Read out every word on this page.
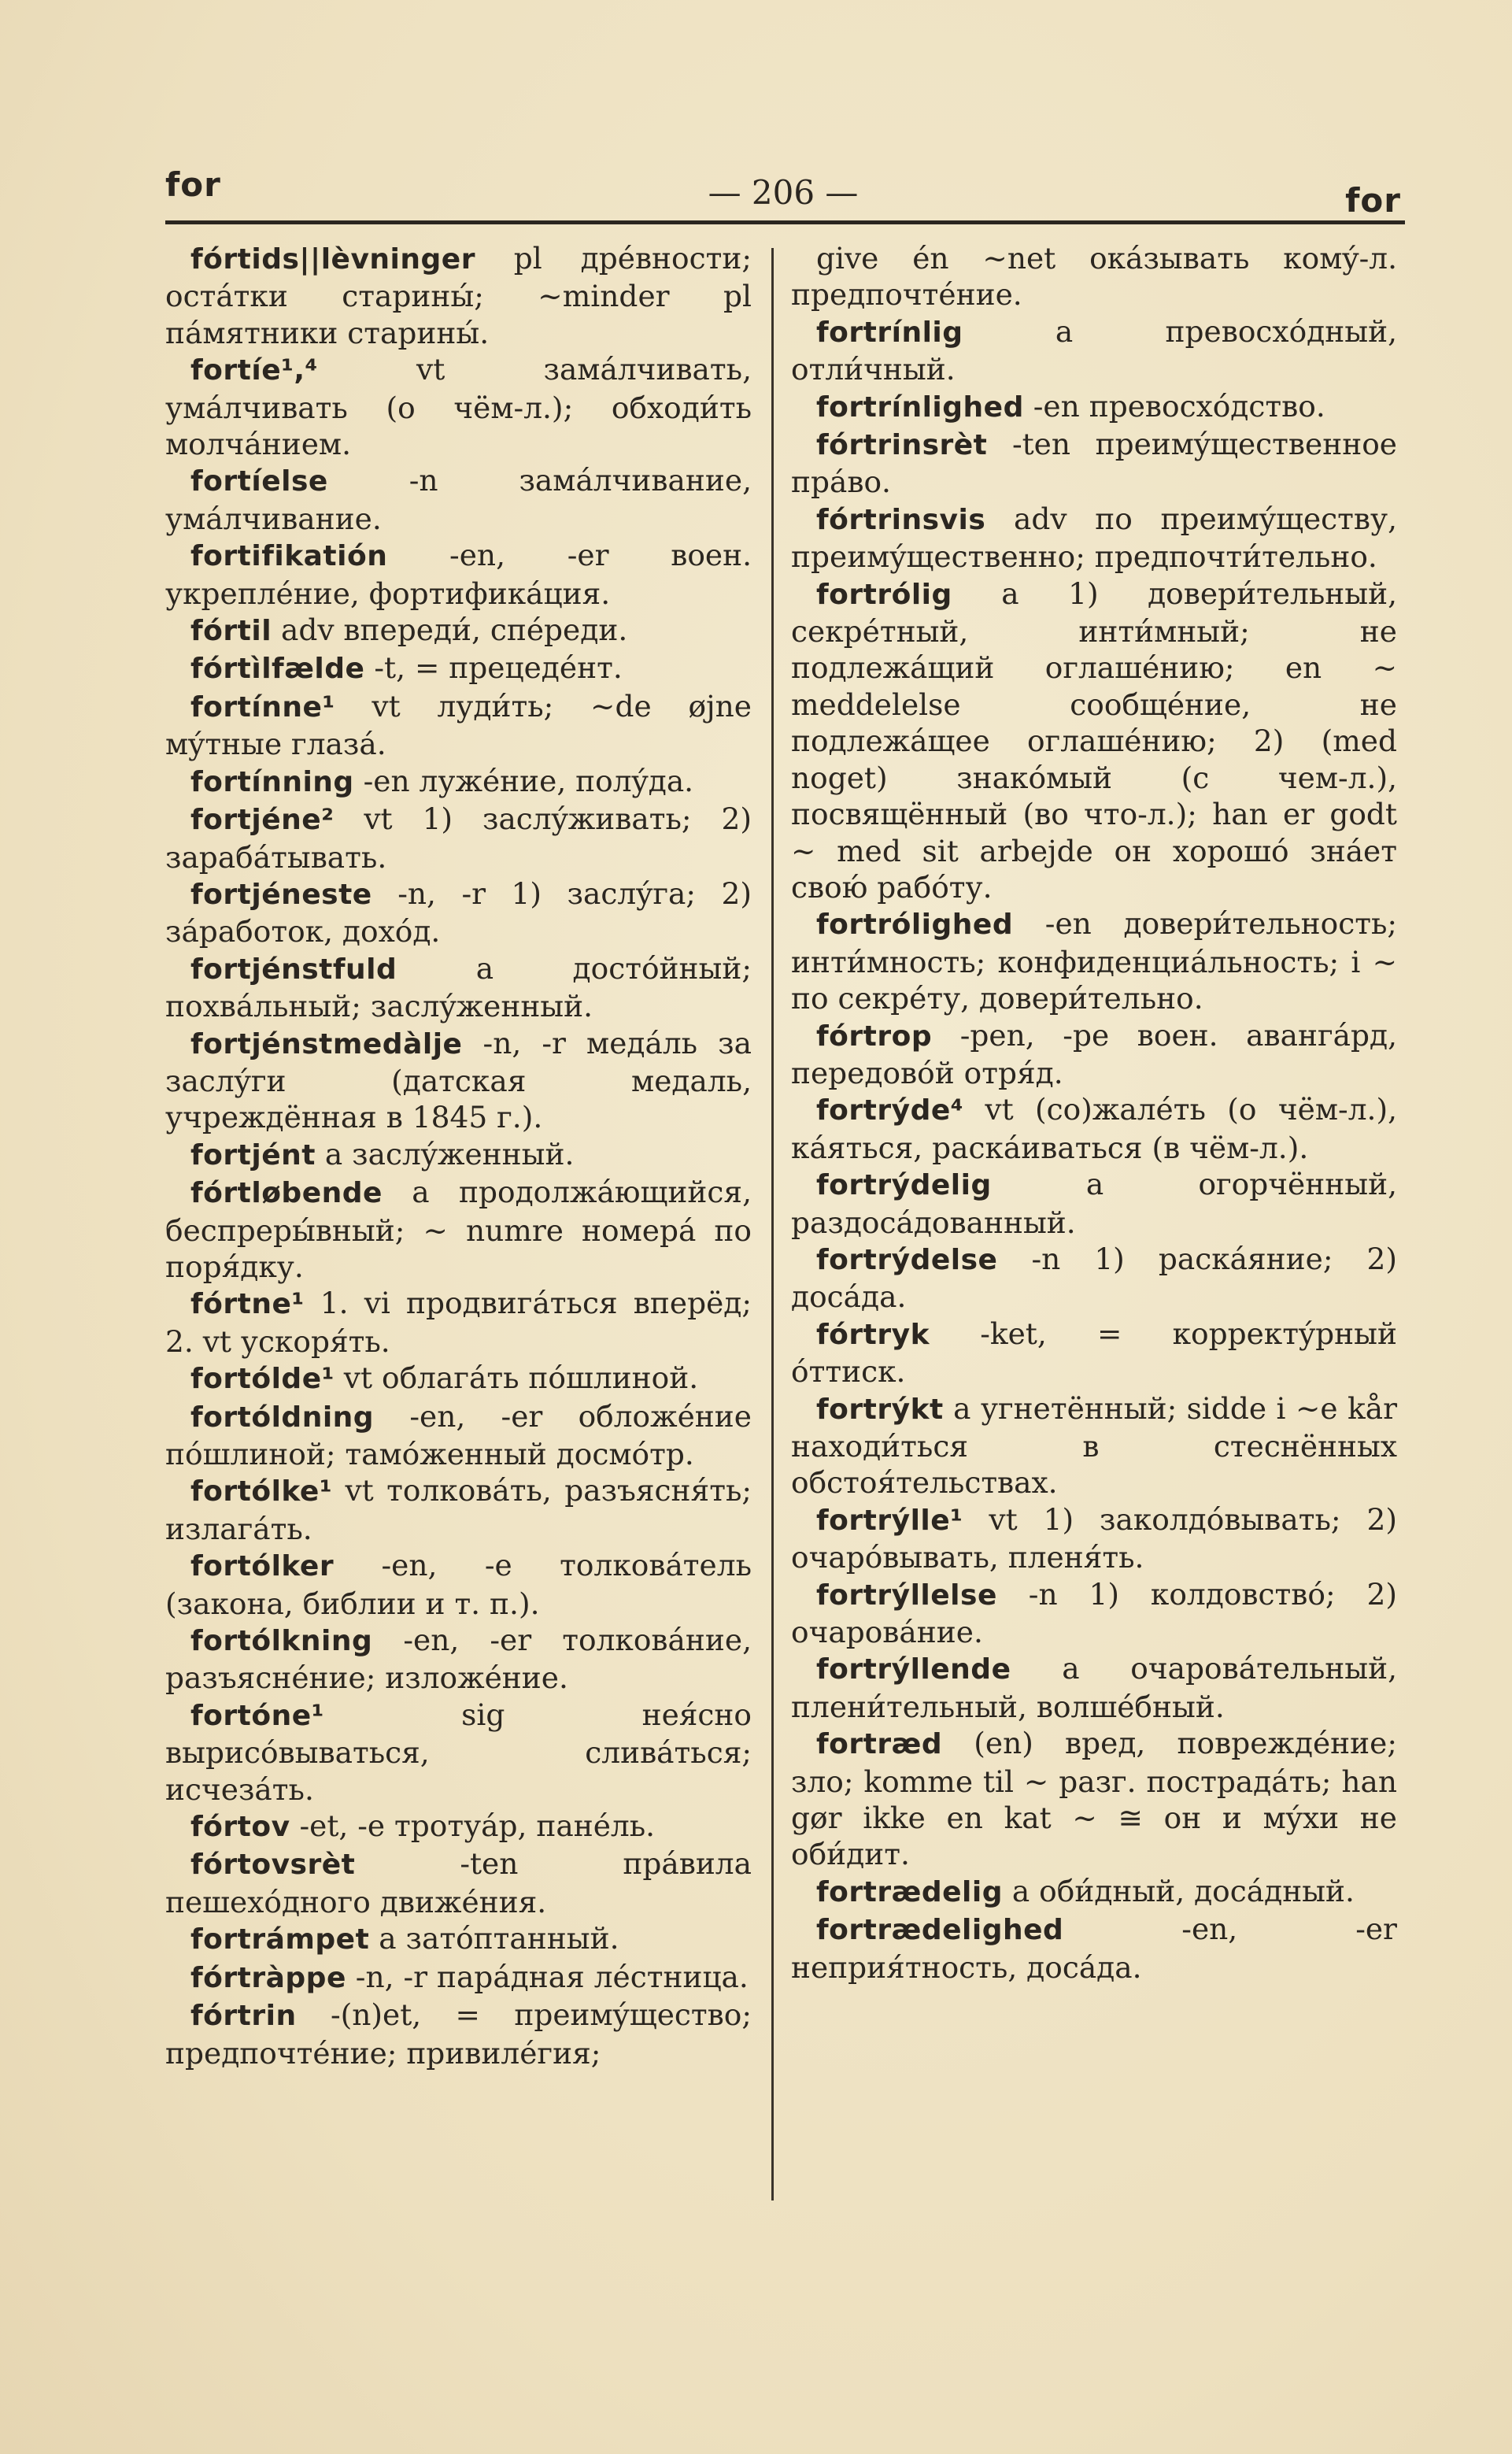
for	— 206 —	for

fórtids||lèvninger pl дрéвности; остáтки старины́; ~minder pl пáмятники старины́.

fortíe¹,⁴ vt замáлчивать, умáлчивать (о чём-л.); обходи́ть молчáнием.

fortíelse -n замáлчивание, умáлчивание.

fortifikatión -en, -er воен. укреплéние, фортификáция.

fórtil adv впереди́, спéреди.

fórtìlfælde -t, = прецедéнт.

fortínne¹ vt луди́ть; ~de øjne мýтные глазá.

fortínning -en лужéние, полýда.

fortjéne² vt 1) заслýживать; 2) зарабáтывать.

fortjéneste -n, -r 1) заслýга; 2) зáработок, дохóд.

fortjénstfuld a достóйный; похвáльный; заслýженный.

fortjénstmedàlje -n, -r медáль за заслýги (датская медаль, учреждённая в 1845 г.).

fortjént a заслýженный.

fórtløbende a продолжáющийся, беспреры́вный; ~ numre номерá по поря́дку.

fórtne¹ 1. vi продвигáться вперёд; 2. vt ускоря́ть.

fortólde¹ vt облагáть пóшлиной.

fortóldning -en, -er обложéние пóшлиной; тамóженный досмóтр.

fortólke¹ vt толковáть, разъясня́ть; излагáть.

fortólker -en, -e толковáтель (закона, библии и т. п.).

fortólkning -en, -er толковáние, разъяснéние; изложéние.

fortóne¹ sig нея́сно вырисóвываться, сливáться; исчезáть.

fórtov -et, -e тротуáр, панéль.

fórtovsrèt -ten прáвила пешехóдного движéния.

fortrámpet a затóптанный.

fórtràppe -n, -r парáдная лéстница.

fórtrin -(n)et, = преимýщество; предпочтéние; привилéгия;

give én ~net окáзывать комý-л. предпочтéние.

fortrínlig a превосхóдный, отли́чный.

fortrínlighed -en превосхóдство.

fórtrinsrèt -ten преимýщественное прáво.

fórtrinsvis adv по преимýществу, преимýщественно; предпочти́тельно.

fortrólig a 1) довери́тельный, секрéтный, инти́мный; не подлежáщий оглашéнию; en ~ meddelelse сообщéние, не подлежáщее оглашéнию; 2) (med noget) знакóмый (с чем-л.), посвящённый (во что-л.); han er godt ~ med sit arbejde он хорошó знáет свою́ рабóту.

fortrólighed -en довери́тельность; инти́мность; конфиденциáльность; i ~ по секрéту, довери́тельно.

fórtrop -pen, -pe воен. авангáрд, передовóй отря́д.

fortrýde⁴ vt (со)жалéть (о чём-л.), кáяться, раскáиваться (в чём-л.).

fortrýdelig a огорчённый, раздосáдованный.

fortrýdelse -n 1) раскáяние; 2) досáда.

fórtryk -ket, = корректýрный óттиск.

fortrýkt a угнетённый; sidde i ~e kår находи́ться в стеснённых обстоя́тельствах.

fortrýlle¹ vt 1) заколдóвывать; 2) очарóвывать, пленя́ть.

fortrýllelse -n 1) колдовствó; 2) очаровáние.

fortrýllende a очаровáтельный, плени́тельный, волшéбный.

fortræd (en) вред, повреждéние; злo; komme til ~ разг. пострадáть; han gør ikke en kat ~ ≅ он и мýхи не оби́дит.

fortrædelig a оби́дный, досáдный.

fortrædelighed -en, -er неприя́тность, досáда.
